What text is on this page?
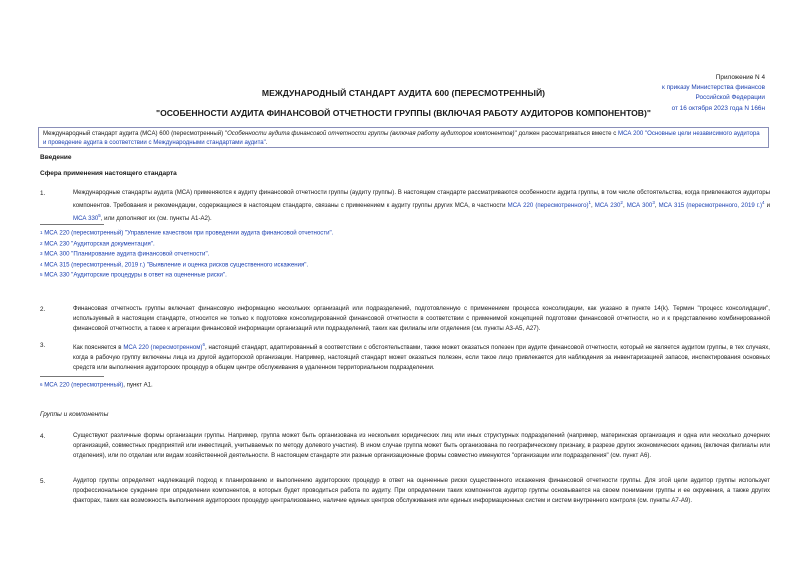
Приложение N 4
к приказу Министерства финансов
Российской Федерации
от 16 октября 2023 года N 166н
МЕЖДУНАРОДНЫЙ СТАНДАРТ АУДИТА 600 (ПЕРЕСМОТРЕННЫЙ)
"ОСОБЕННОСТИ АУДИТА ФИНАНСОВОЙ ОТЧЕТНОСТИ ГРУППЫ (ВКЛЮЧАЯ РАБОТУ АУДИТОРОВ КОМПОНЕНТОВ)"
Международный стандарт аудита (МСА) 600 (пересмотренный) "Особенности аудита финансовой отчетности группы (включая работу аудиторов компонентов)" должен рассматриваться вместе с МСА 200 "Основные цели независимого аудитора и проведение аудита в соответствии с Международными стандартами аудита".
Введение
Сфера применения настоящего стандарта
1.	Международные стандарты аудита (МСА) применяются к аудиту финансовой отчетности группы (аудиту группы). В настоящем стандарте рассматриваются особенности аудита группы, в том числе обстоятельства, когда привлекаются аудиторы компонентов. Требования и рекомендации, содержащиеся в настоящем стандарте, связаны с применением к аудиту группы других МСА, в частности МСА 220 (пересмотренного)$^1$, МСА $230^2$, МСА $300^3$, МСА 315 (пересмотренного, 2019 г.)$^4$ и МСА $330^5$, или дополняют их (см. пункты А1-А2).
1 МСА 220 (пересмотренный) "Управление качеством при проведении аудита финансовой отчетности".
2 МСА 230 "Аудиторская документация".
3 МСА 300 "Планирование аудита финансовой отчетности".
4 МСА 315 (пересмотренный, 2019 г.) "Выявление и оценка рисков существенного искажения".
5 МСА 330 "Аудиторские процедуры в ответ на оцененные риски".
2.	Финансовая отчетность группы включает финансовую информацию нескольких организаций или подразделений, подготовленную с применением процесса консолидации, как указано в пункте 14(k). Термин "процесс консолидации", используемый в настоящем стандарте, относится не только к подготовке консолидированной финансовой отчетности в соответствии с применимой концепцией подготовки финансовой отчетности, но и к представлению комбинированной финансовой отчетности, а также к агрегации финансовой информации организаций или подразделений, таких как филиалы или отделения (см. пункты А3-А5, А27).
3.	Как поясняется в МСА 220 (пересмотренном)$^6$, настоящий стандарт, адаптированный в соответствии с обстоятельствами, также может оказаться полезен при аудите финансовой отчетности, который не является аудитом группы, в тех случаях, когда в рабочую группу включены лица из другой аудиторской организации. Например, настоящий стандарт может оказаться полезен, если такое лицо привлекается для наблюдения за инвентаризацией запасов, инспектирования основных средств или выполнения аудиторских процедур в общем центре обслуживания в удаленном территориальном подразделении.
6 МСА 220 (пересмотренный), пункт А1.
Группы и компоненты
4.	Существуют различные формы организации группы. Например, группа может быть организована из нескольких юридических лиц или иных структурных подразделений (например, материнская организация и одна или несколько дочерних организаций, совместных предприятий или инвестиций, учитываемых по методу долевого участия). В ином случае группа может быть организована по географическому признаку, в разрезе других экономических единиц (включая филиалы или отделения), или по отделам или видам хозяйственной деятельности. В настоящем стандарте эти разные организационные формы совместно именуются "организации или подразделения" (см. пункт А6).
5.	Аудитор группы определяет надлежащий подход к планированию и выполнению аудиторских процедур в ответ на оцененные риски существенного искажения финансовой отчетности группы. Для этой цели аудитор группы использует профессиональное суждение при определении компонентов, в которых будет проводиться работа по аудиту. При определении таких компонентов аудитор группы основывается на своем понимании группы и ее окружения, а также других факторах, таких как возможность выполнения аудиторских процедур централизованно, наличие единых центров обслуживания или единых информационных систем и систем внутреннего контроля (см. пункты А7-А9).
